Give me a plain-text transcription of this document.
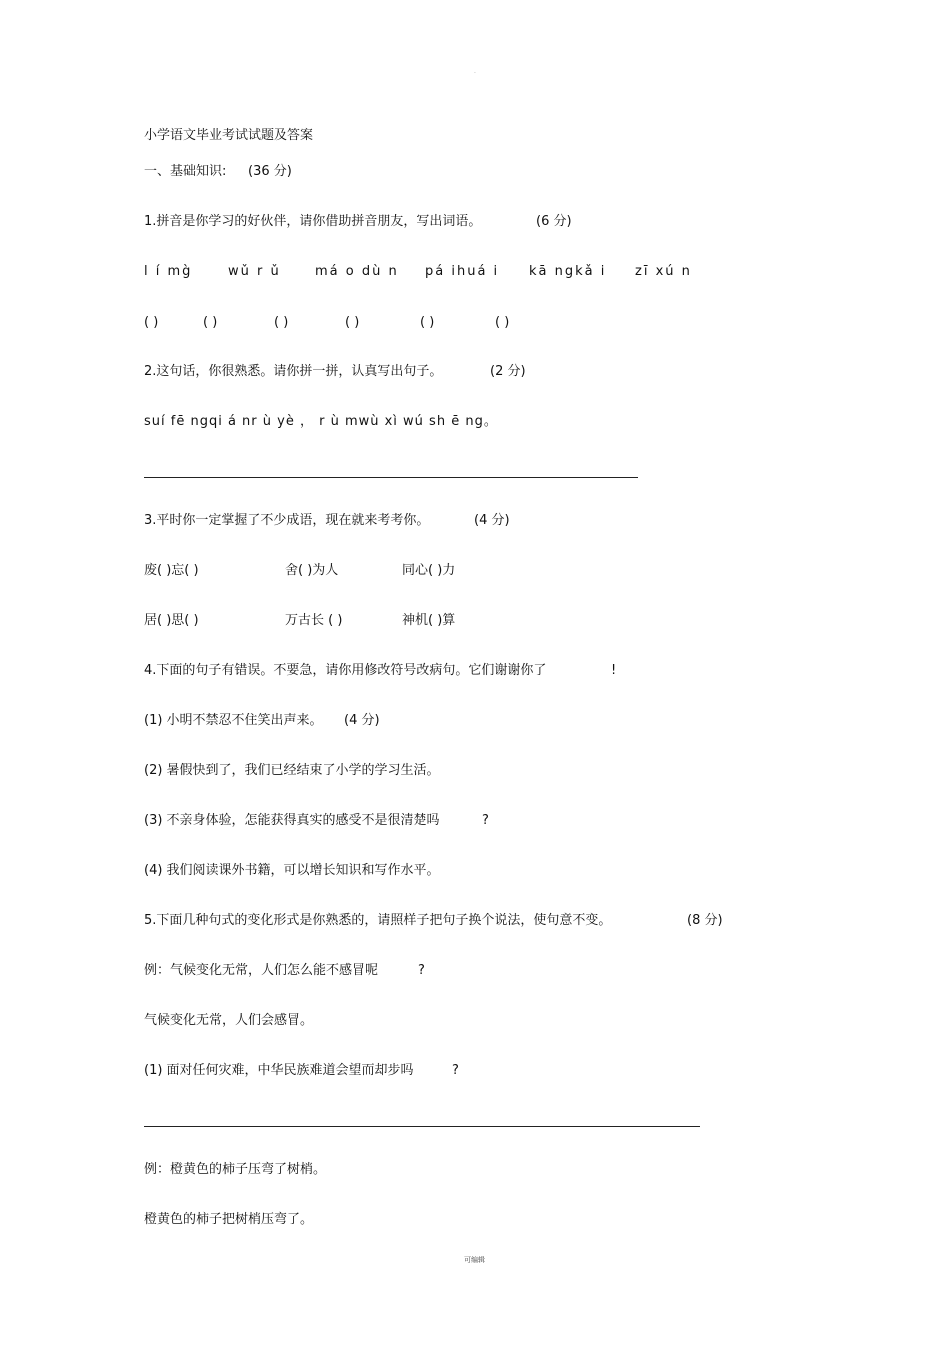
·
小学语文毕业考试试题及答案
一、基础知识: (36 分)
1.拼音是你学习的好伙伴，请你借助拼音朋友，写出词语。	(6 分)
l í mg̀	wǔ r ǔ	má o dù n pá ihuá i kā ngkǎ i zī xú n
( )	( )	( )	( )	( )	( )
2.这句话，你很熟悉。请你拼一拼，认真写出句子。	(2 分)
suí fē ngqi á nr ù yè ， r ù mwù xì wú sh ē ng。
3.平时你一定掌握了不少成语，现在就来考考你。	(4 分)
废( )忘( )	舍( )为人	同心( )力
居( )思( )	万古长 ( )	神机( )算
4.下面的句子有错误。不要急，请你用修改符号改病句。它们谢谢你了	!
(1) 小明不禁忍不住笑出声来。 (4 分)
(2) 暑假快到了，我们已经结束了小学的学习生活。
(3) 不亲身体验，怎能获得真实的感受不是很清楚吗	?
(4) 我们阅读课外书籍，可以增长知识和写作水平。
5.下面几种句式的变化形式是你熟悉的，请照样子把句子换个说法，使句意不变。	(8 分)
例：气候变化无常，人们怎么能不感冒呢	?
气候变化无常，人们会感冒。
(1) 面对任何灾难，中华民族难道会望而却步吗	?
例：橙黄色的柿子压弯了树梢。
橙黄色的柿子把树梢压弯了。
可编辑
